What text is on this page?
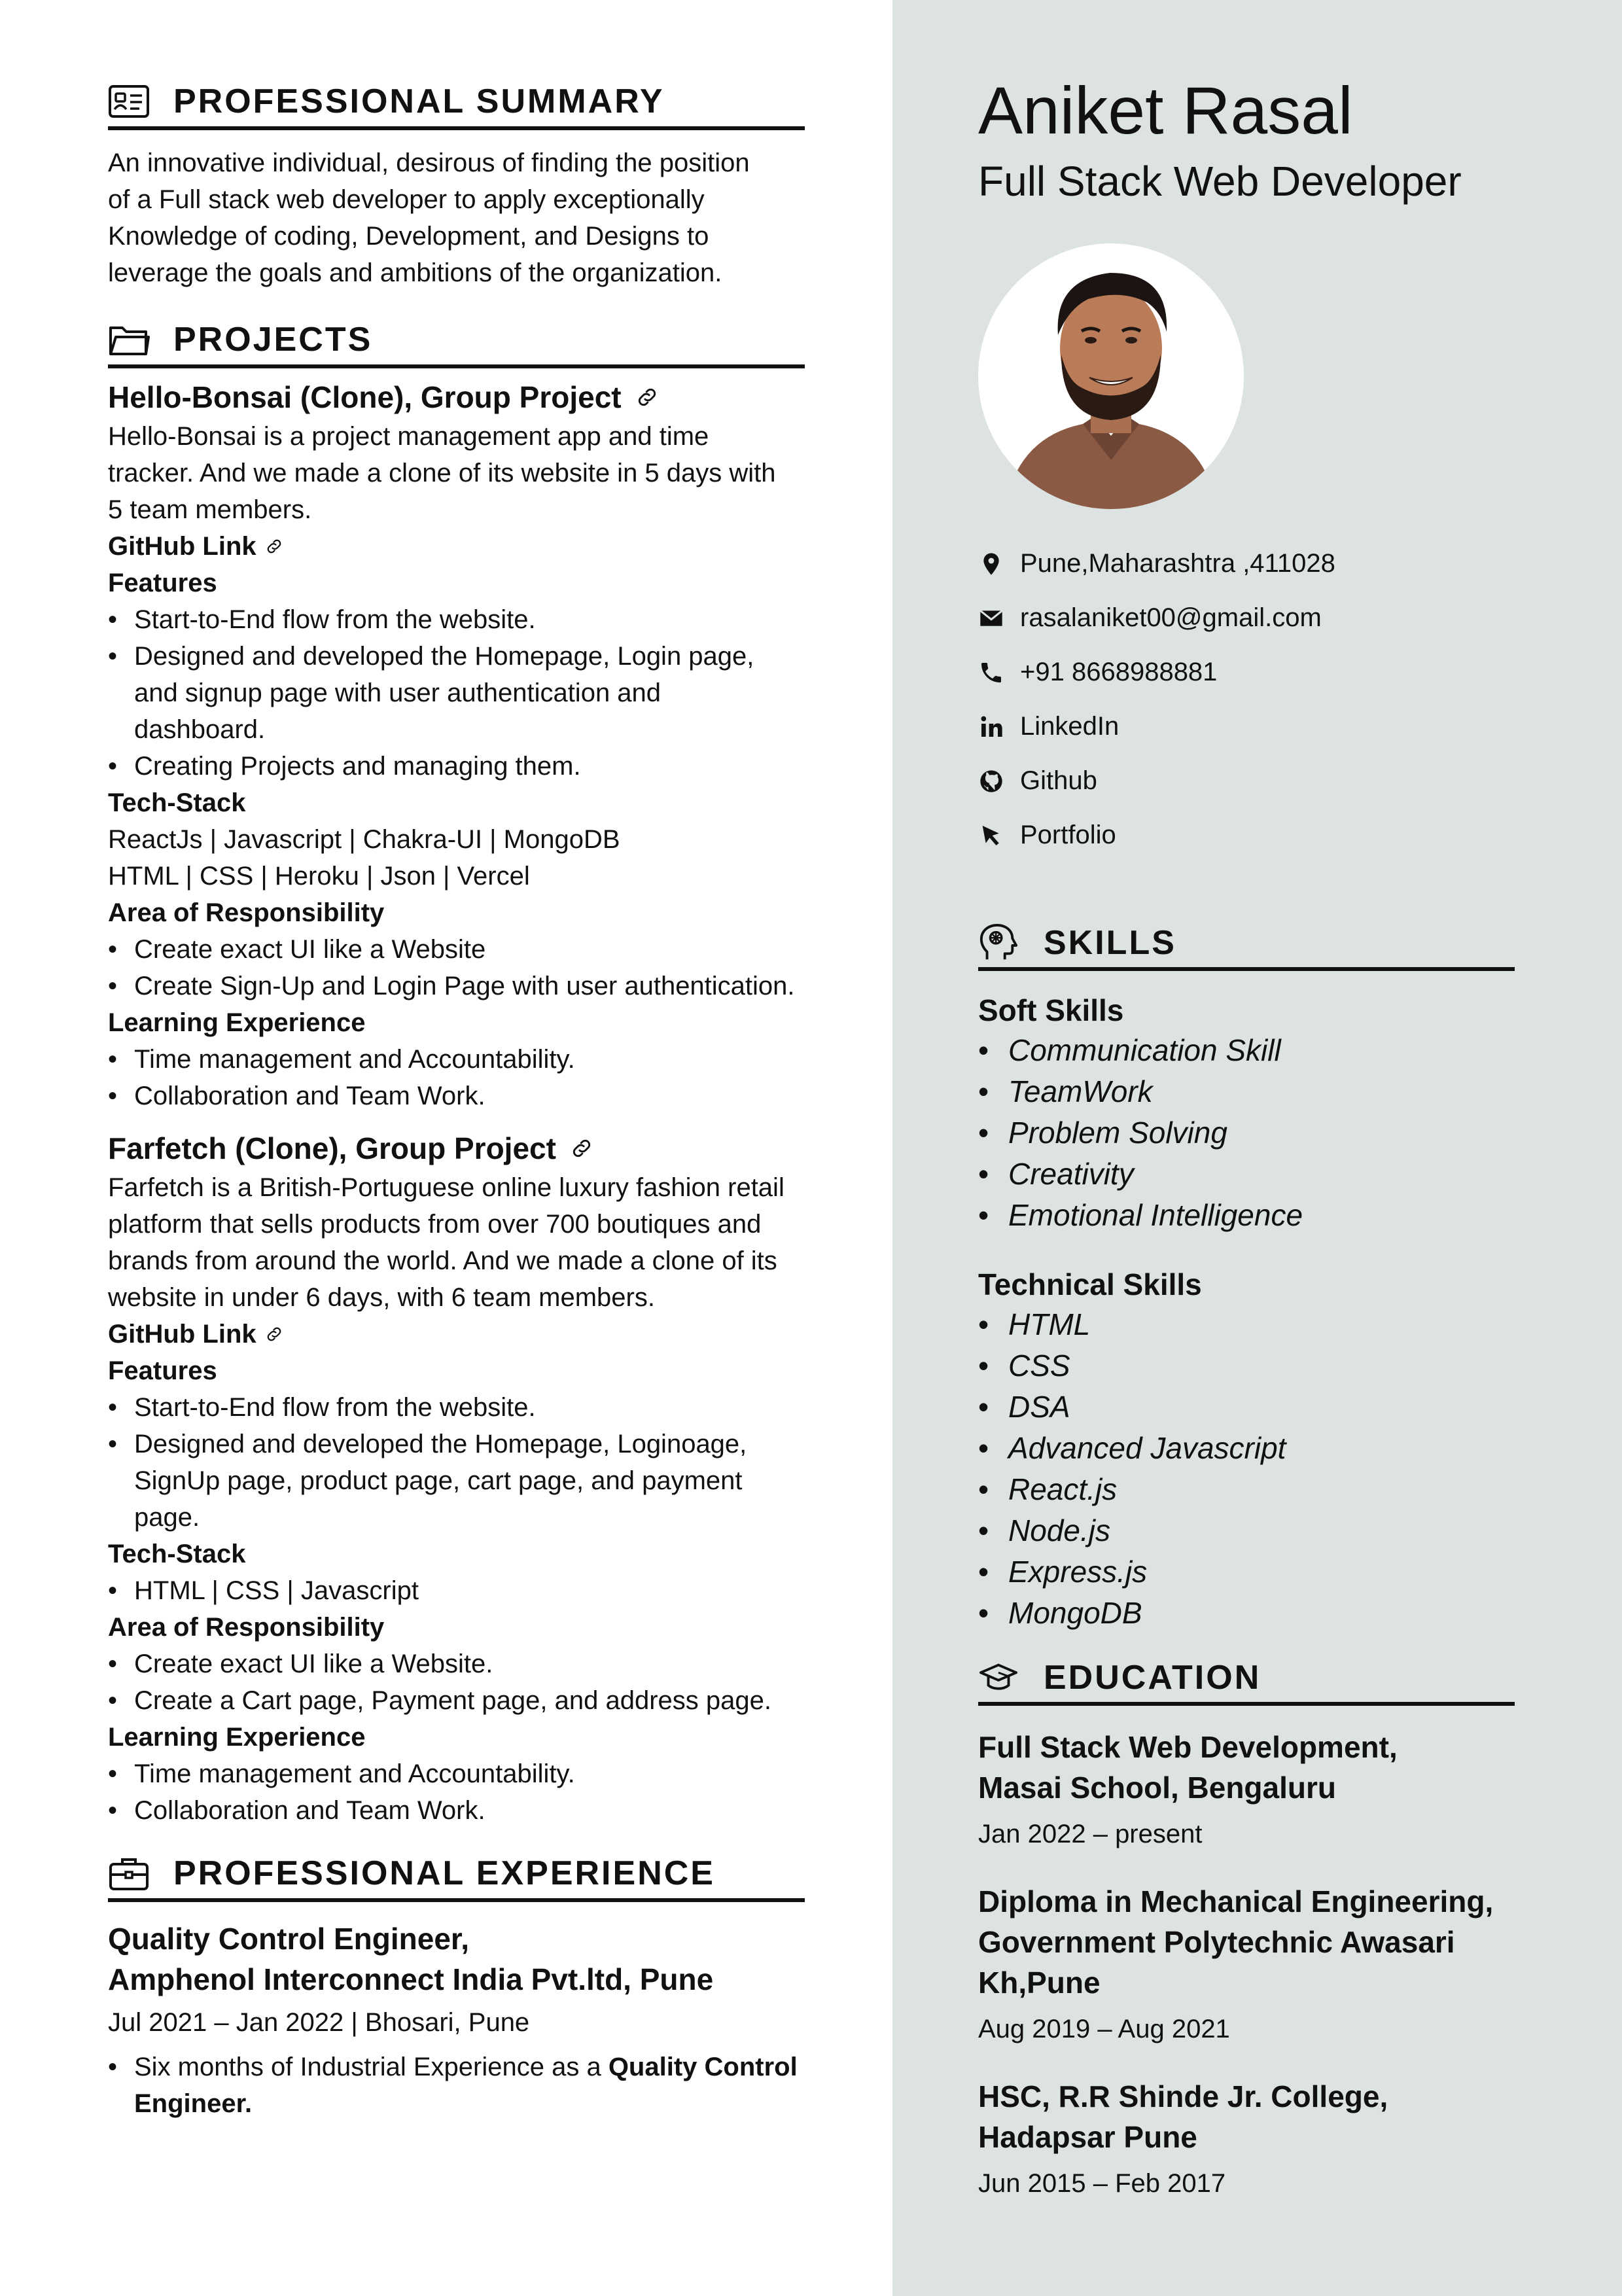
PROFESSIONAL SUMMARY
An innovative individual, desirous of finding the position
of a Full stack web developer to apply exceptionally
Knowledge of coding, Development, and Designs to
leverage the goals and ambitions of the organization.
PROJECTS
Hello-Bonsai (Clone), Group Project
Hello-Bonsai is a project management app and time
tracker. And we made a clone of its website in 5 days with
5 team members.
GitHub Link
Features
• Start-to-End flow from the website.
• Designed and developed the Homepage, Login page,
and signup page with user authentication and
dashboard.
• Creating Projects and managing them.
Tech-Stack
ReactJs | Javascript | Chakra-UI | MongoDB
HTML | CSS | Heroku | Json | Vercel
Area of Responsibility
• Create exact UI like a Website
• Create Sign-Up and Login Page with user authentication.
Learning Experience
• Time management and Accountability.
• Collaboration and Team Work.
Farfetch (Clone), Group Project
Farfetch is a British-Portuguese online luxury fashion retail
platform that sells products from over 700 boutiques and
brands from around the world. And we made a clone of its
website in under 6 days, with 6 team members.
GitHub Link
Features
• Start-to-End flow from the website.
• Designed and developed the Homepage, Loginoage,
SignUp page, product page, cart page, and payment
page.
Tech-Stack
• HTML | CSS | Javascript
Area of Responsibility
• Create exact UI like a Website.
• Create a Cart page, Payment page, and address page.
Learning Experience
• Time management and Accountability.
• Collaboration and Team Work.
PROFESSIONAL EXPERIENCE
Quality Control Engineer,
Amphenol Interconnect India Pvt.ltd, Pune
Jul 2021 – Jan 2022 | Bhosari, Pune
• Six months of Industrial Experience as a Quality Control
Engineer.
Aniket Rasal
Full Stack Web Developer
Pune,Maharashtra ,411028
rasalaniket00@gmail.com
+91 8668988881
LinkedIn
Github
Portfolio
SKILLS
Soft Skills
• Communication Skill
• TeamWork
• Problem Solving
• Creativity
• Emotional Intelligence
Technical Skills
• HTML
• CSS
• DSA
• Advanced Javascript
• React.js
• Node.js
• Express.js
• MongoDB
EDUCATION
Full Stack Web Development,
Masai School, Bengaluru
Jan 2022 – present
Diploma in Mechanical Engineering,
Government Polytechnic Awasari
Kh,Pune
Aug 2019 – Aug 2021
HSC, R.R Shinde Jr. College,
Hadapsar Pune
Jun 2015 – Feb 2017
